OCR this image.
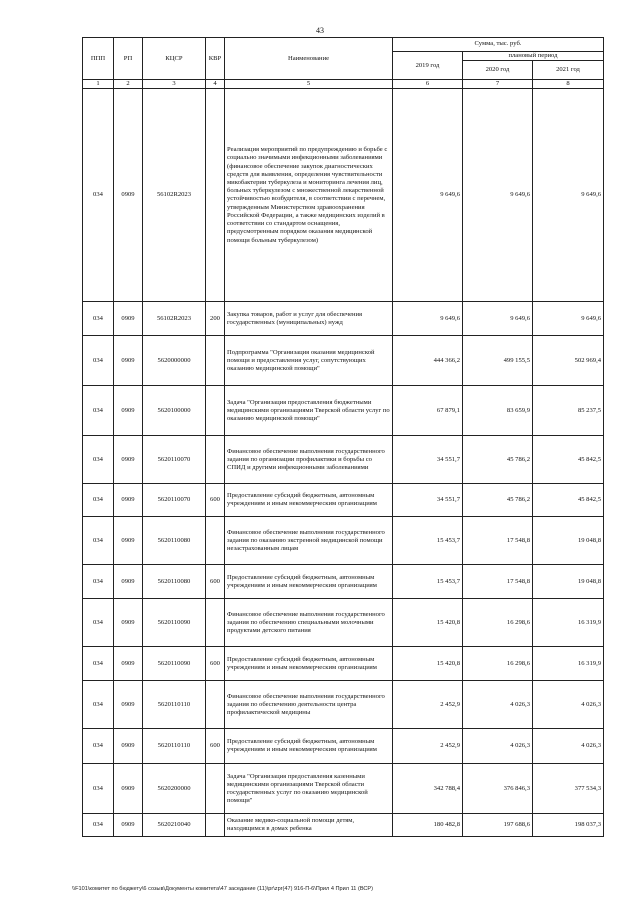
43
ППП	РП	КЦСР	КВР	Наименование	Сумма, тыс. руб.		
					2019 год	плановый период	
						2020 год	2021 год
1	2	3	4	5	6	7	8
034	0909	56102R2023		Реализация мероприятий по предупреждению и борьбе с социально значимыми инфекционными заболеваниями (финансовое обеспечение закупок диагностических средств для выявления, определения чувствительности микобактерии туберкулеза и мониторинга лечения лиц, больных туберкулезом с множественной лекарственной устойчивостью возбудителя, в соответствии с перечнем, утвержденным Министерством здравоохранения Российской Федерации, а также медицинских изделий в соответствии со стандартом оснащения, предусмотренным порядком оказания медицинской помощи больным туберкулезом)	9 649,6	9 649,6	9 649,6
034	0909	56102R2023	200	Закупка товаров, работ и услуг для обеспечения государственных (муниципальных) нужд	9 649,6	9 649,6	9 649,6
034	0909	5620000000		Подпрограмма "Организация оказания медицинской помощи и предоставления услуг, сопутствующих оказанию медицинской помощи"	444 366,2	499 155,5	502 969,4
034	0909	5620100000		Задача "Организация предоставления бюджетными медицинскими организациями Тверской области услуг по оказанию медицинской помощи"	67 879,1	83 659,9	85 237,5
034	0909	5620110070		Финансовое обеспечение выполнения государственного задания по организации профилактики и борьбы со СПИД и другими инфекционными заболеваниями	34 551,7	45 786,2	45 842,5
034	0909	5620110070	600	Предоставление субсидий бюджетным, автономным учреждениям и иным некоммерческим организациям	34 551,7	45 786,2	45 842,5
034	0909	5620110080		Финансовое обеспечение выполнения государственного задания по оказанию экстренной медицинской помощи незастрахованным лицам	15 453,7	17 548,8	19 048,8
034	0909	5620110080	600	Предоставление субсидий бюджетным, автономным учреждениям и иным некоммерческим организациям	15 453,7	17 548,8	19 048,8
034	0909	5620110090		Финансовое обеспечение выполнения государственного задания по обеспечению специальными молочными продуктами детского питания	15 420,8	16 298,6	16 319,9
034	0909	5620110090	600	Предоставление субсидий бюджетным, автономным учреждениям и иным некоммерческим организациям	15 420,8	16 298,6	16 319,9
034	0909	5620110110		Финансовое обеспечение выполнения государственного задания по обеспечению деятельности центра профилактической медицины	2 452,9	4 026,3	4 026,3
034	0909	5620110110	600	Предоставление субсидий бюджетным, автономным учреждениям и иным некоммерческим организациям	2 452,9	4 026,3	4 026,3
034	0909	5620200000		Задача "Организация предоставления казенными медицинскими организациями Тверской области государственных услуг по оказанию медицинской помощи"	342 788,4	376 846,3	377 534,3
034	0909	5620210040		Оказание медико-социальной помощи детям, находящимся в домах ребенка	180 482,8	197 688,6	198 037,3
\\F101\комитет по бюджету\6 созыв\Документы комитета\47 заседание (11)\pr\zpr(47) 916-П-6\Прил 4 Прил 11 (ВСР)
